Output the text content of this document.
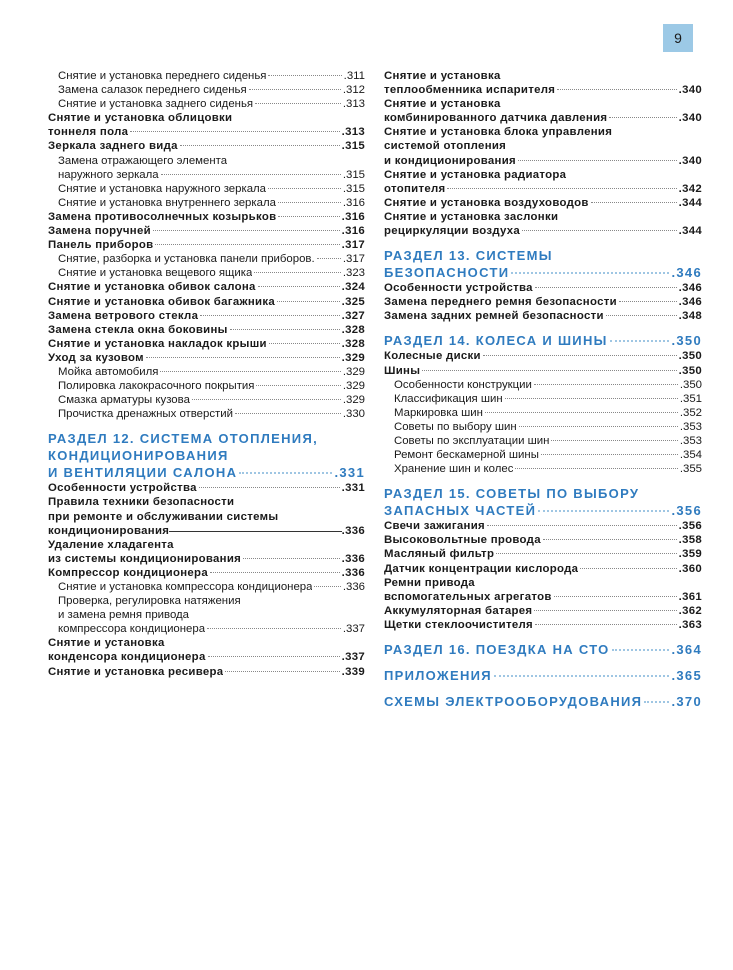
9
Снятие и установка переднего сиденья	.311
Замена салазок переднего сиденья	.312
Снятие и установка заднего сиденья	.313
Снятие и установка облицовки
тоннеля пола	.313
Зеркала заднего вида	.315
Замена отражающего элемента
наружного зеркала	.315
Снятие и установка наружного зеркала	.315
Снятие и установка внутреннего зеркала	.316
Замена противосолнечных козырьков	.316
Замена поручней	.316
Панель приборов	.317
Снятие, разборка и установка панели приборов. .317
Снятие и установка вещевого ящика	.323
Снятие и установка обивок салона	.324
Снятие и установка обивок багажника	.325
Замена ветрового стекла	.327
Замена стекла окна боковины	.328
Снятие и установка накладок крыши	.328
Уход за кузовом	.329
Мойка автомобиля	.329
Полировка лакокрасочного покрытия	.329
Смазка арматуры кузова	.329
Прочистка дренажных отверстий	.330
РАЗДЕЛ 12. СИСТЕМА ОТОПЛЕНИЯ,
КОНДИЦИОНИРОВАНИЯ
И ВЕНТИЛЯЦИИ САЛОНА	.331
Особенности устройства	.331
Правила техники безопасности
при ремонте и обслуживании системы
кондиционирования	.336
Удаление хладагента
из системы кондиционирования	.336
Компрессор кондиционера	.336
Снятие и установка компрессора кондиционера	.336
Проверка, регулировка натяжения
и замена ремня привода
компрессора кондиционера	.337
Снятие и установка
конденсора кондиционера	.337
Снятие и установка ресивера	.339
Снятие и установка
теплообменника испарителя	.340
Снятие и установка
комбинированного датчика давления	.340
Снятие и установка блока управления
системой отопления
и кондиционирования	.340
Снятие и установка радиатора
отопителя	.342
Снятие и установка воздуховодов	.344
Снятие и установка заслонки
рециркуляции воздуха	.344
РАЗДЕЛ 13. СИСТЕМЫ
БЕЗОПАСНОСТИ	.346
Особенности устройства	.346
Замена переднего ремня безопасности	.346
Замена задних ремней безопасности	.348
РАЗДЕЛ 14. КОЛЕСА И ШИНЫ	.350
Колесные диски	.350
Шины	.350
Особенности конструкции	.350
Классификация шин	.351
Маркировка шин	.352
Советы по выбору шин	.353
Советы по эксплуатации шин	.353
Ремонт бескамерной шины	.354
Хранение шин и колес	.355
РАЗДЕЛ 15. СОВЕТЫ ПО ВЫБОРУ
ЗАПАСНЫХ ЧАСТЕЙ	.356
Свечи зажигания	.356
Высоковольтные провода	.358
Масляный фильтр	.359
Датчик концентрации кислорода	.360
Ремни привода
вспомогательных агрегатов	.361
Аккумуляторная батарея	.362
Щетки стеклоочистителя	.363
РАЗДЕЛ 16. ПОЕЗДКА НА СТО	.364
ПРИЛОЖЕНИЯ	.365
СХЕМЫ ЭЛЕКТРООБОРУДОВАНИЯ .370
